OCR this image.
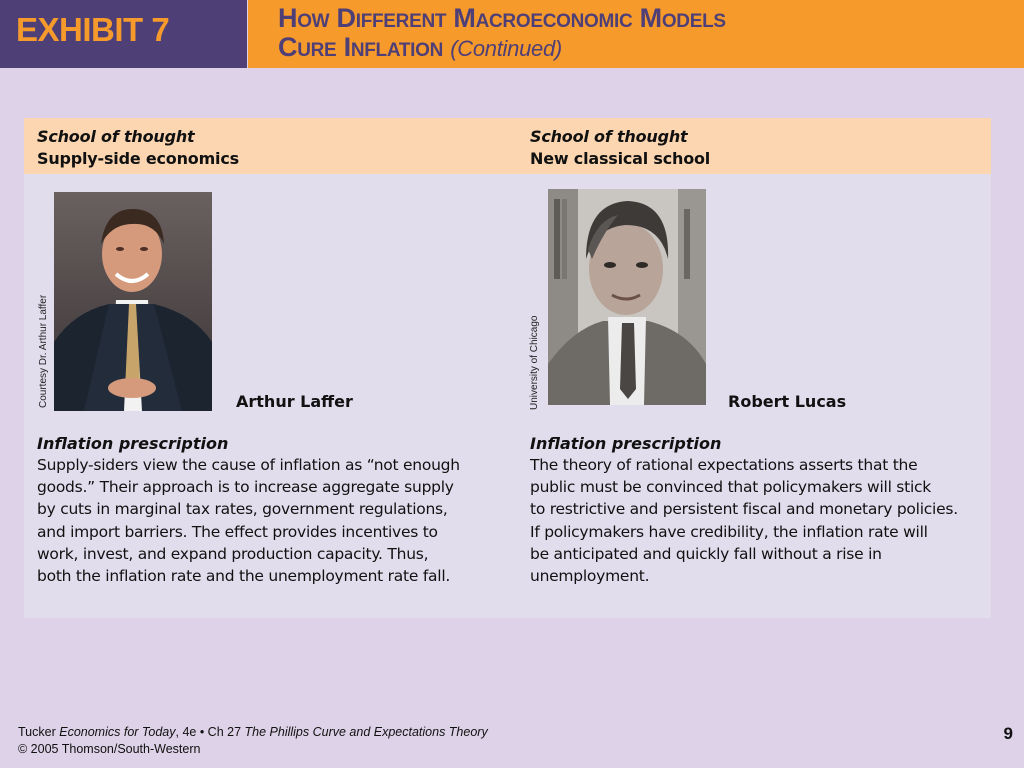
EXHIBIT 7	How Different Macroeconomic Models
Cure Inflation (Continued)
School of thought
Supply-side economics
School of thought
New classical school
Courtesy Dr. Arthur Laffer	Arthur Laffer	University of Chicago	Robert Lucas
Inflation prescription
Supply-siders view the cause of inflation as “not enough
goods.” Their approach is to increase aggregate supply
by cuts in marginal tax rates, government regulations,
and import barriers. The effect provides incentives to
work, invest, and expand production capacity. Thus,
both the inflation rate and the unemployment rate fall.
Inflation prescription
The theory of rational expectations asserts that the
public must be convinced that policymakers will stick
to restrictive and persistent fiscal and monetary policies.
If policymakers have credibility, the inflation rate will
be anticipated and quickly fall without a rise in
unemployment.
Tucker Economics for Today, 4e • Ch 27 The Phillips Curve and Expectations Theory
© 2005 Thomson/South-Western
9
